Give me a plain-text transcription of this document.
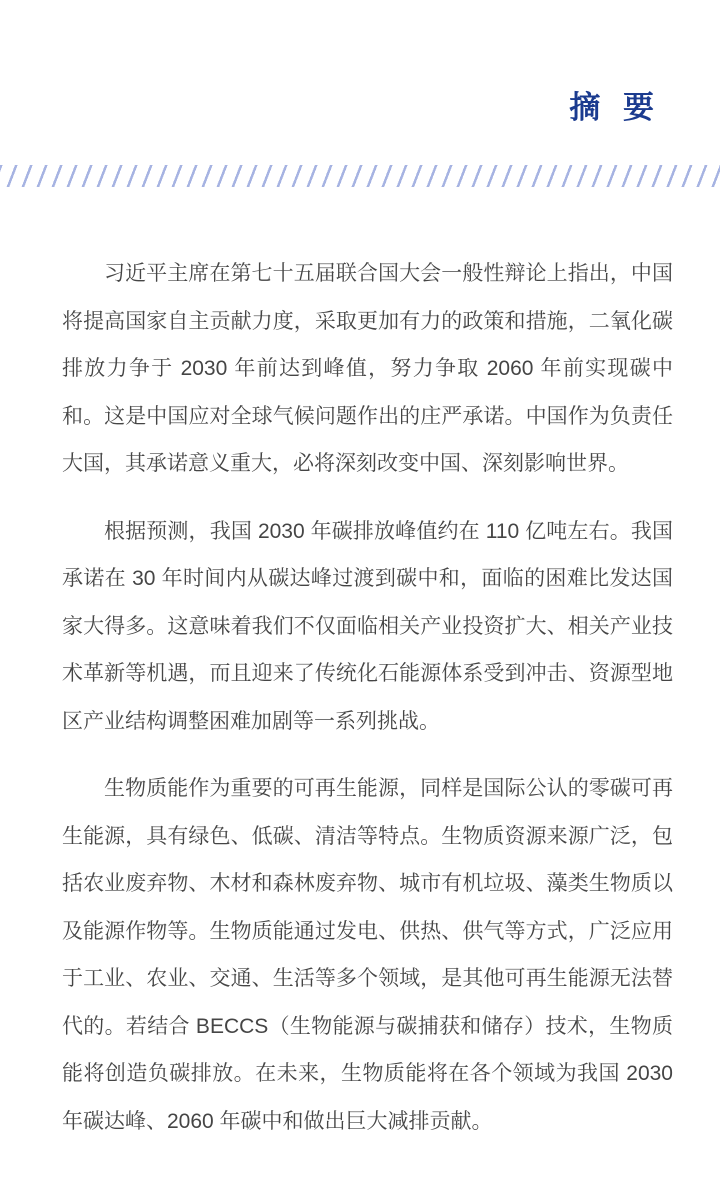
摘 要

习近平主席在第七十五届联合国大会一般性辩论上指出，中国将提高国家自主贡献力度，采取更加有力的政策和措施，二氧化碳排放力争于 2030 年前达到峰值，努力争取 2060 年前实现碳中和。这是中国应对全球气候问题作出的庄严承诺。中国作为负责任大国，其承诺意义重大，必将深刻改变中国、深刻影响世界。

根据预测，我国 2030 年碳排放峰值约在 110 亿吨左右。我国承诺在 30 年时间内从碳达峰过渡到碳中和，面临的困难比发达国家大得多。这意味着我们不仅面临相关产业投资扩大、相关产业技术革新等机遇，而且迎来了传统化石能源体系受到冲击、资源型地区产业结构调整困难加剧等一系列挑战。

生物质能作为重要的可再生能源，同样是国际公认的零碳可再生能源，具有绿色、低碳、清洁等特点。生物质资源来源广泛，包括农业废弃物、木材和森林废弃物、城市有机垃圾、藻类生物质以及能源作物等。生物质能通过发电、供热、供气等方式，广泛应用于工业、农业、交通、生活等多个领域，是其他可再生能源无法替代的。若结合 BECCS（生物能源与碳捕获和储存）技术，生物质能将创造负碳排放。在未来，生物质能将在各个领域为我国 2030 年碳达峰、2060 年碳中和做出巨大减排贡献。
